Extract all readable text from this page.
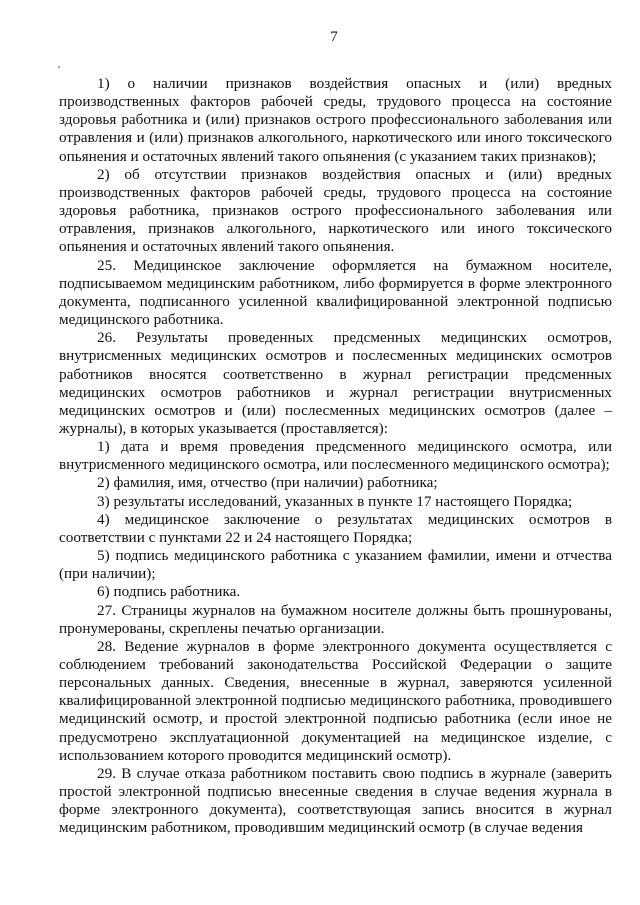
7

1) о наличии признаков воздействия опасных и (или) вредных производственных факторов рабочей среды, трудового процесса на состояние здоровья работника и (или) признаков острого профессионального заболевания или отравления и (или) признаков алкогольного, наркотического или иного токсического опьянения и остаточных явлений такого опьянения (с указанием таких признаков);

2) об отсутствии признаков воздействия опасных и (или) вредных производственных факторов рабочей среды, трудового процесса на состояние здоровья работника, признаков острого профессионального заболевания или отравления, признаков алкогольного, наркотического или иного токсического опьянения и остаточных явлений такого опьянения.

25. Медицинское заключение оформляется на бумажном носителе, подписываемом медицинским работником, либо формируется в форме электронного документа, подписанного усиленной квалифицированной электронной подписью медицинского работника.

26. Результаты проведенных предсменных медицинских осмотров, внутрисменных медицинских осмотров и послесменных медицинских осмотров работников вносятся соответственно в журнал регистрации предсменных медицинских осмотров работников и журнал регистрации внутрисменных медицинских осмотров и (или) послесменных медицинских осмотров (далее – журналы), в которых указывается (проставляется):

1) дата и время проведения предсменного медицинского осмотра, или внутрисменного медицинского осмотра, или послесменного медицинского осмотра);

2) фамилия, имя, отчество (при наличии) работника;

3) результаты исследований, указанных в пункте 17 настоящего Порядка;

4) медицинское заключение о результатах медицинских осмотров в соответствии с пунктами 22 и 24 настоящего Порядка;

5) подпись медицинского работника с указанием фамилии, имени и отчества (при наличии);

6) подпись работника.

27. Страницы журналов на бумажном носителе должны быть прошнурованы, пронумерованы, скреплены печатью организации.

28. Ведение журналов в форме электронного документа осуществляется с соблюдением требований законодательства Российской Федерации о защите персональных данных. Сведения, внесенные в журнал, заверяются усиленной квалифицированной электронной подписью медицинского работника, проводившего медицинский осмотр, и простой электронной подписью работника (если иное не предусмотрено эксплуатационной документацией на медицинское изделие, с использованием которого проводится медицинский осмотр).

29. В случае отказа работником поставить свою подпись в журнале (заверить простой электронной подписью внесенные сведения в случае ведения журнала в форме электронного документа), соответствующая запись вносится в журнал медицинским работником, проводившим медицинский осмотр (в случае ведения
